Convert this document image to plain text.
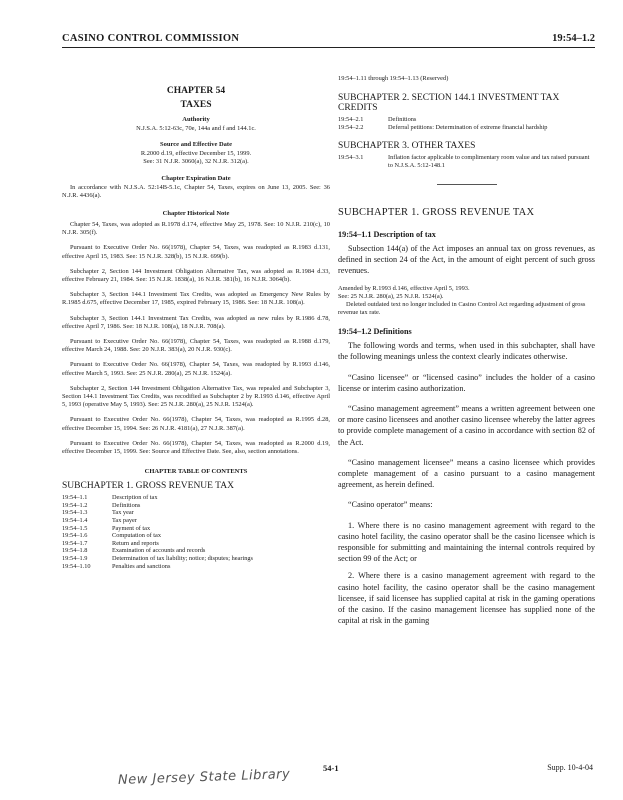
CASINO CONTROL COMMISSION	19:54–1.2
CHAPTER 54
TAXES
Authority
N.J.S.A. 5:12-63c, 70e, 144a and f and 144.1c.
Source and Effective Date
R.2000 d.19, effective December 15, 1999.
See: 31 N.J.R. 3060(a), 32 N.J.R. 312(a).
Chapter Expiration Date
In accordance with N.J.S.A. 52:14B-5.1c, Chapter 54, Taxes, expires on June 13, 2005. See: 36 N.J.R. 4436(a).
Chapter Historical Note

Chapter 54, Taxes, was adopted as R.1978 d.174, effective May 25, 1978. See: 10 N.J.R. 210(c), 10 N.J.R. 305(f).

Pursuant to Executive Order No. 66(1978), Chapter 54, Taxes, was readopted as R.1983 d.131, effective April 15, 1983. See: 15 N.J.R. 328(b), 15 N.J.R. 699(b).

Subchapter 2, Section 144 Investment Obligation Alternative Tax, was adopted as R.1984 d.33, effective February 21, 1984. See: 15 N.J.R. 1838(a), 16 N.J.R. 381(b), 16 N.J.R. 3064(b).

Subchapter 3, Section 144.1 Investment Tax Credits, was adopted as Emergency New Rules by R.1985 d.675, effective December 17, 1985, expired February 15, 1986. See: 18 N.J.R. 108(a).

Subchapter 3, Section 144.1 Investment Tax Credits, was adopted as new rules by R.1986 d.78, effective April 7, 1986. See: 18 N.J.R. 108(a), 18 N.J.R. 708(a).

Pursuant to Executive Order No. 66(1978), Chapter 54, Taxes, was readopted as R.1988 d.179, effective March 24, 1988. See: 20 N.J.R. 383(a), 20 N.J.R. 930(c).

Pursuant to Executive Order No. 66(1978), Chapter 54, Taxes, was readopted by R.1993 d.146, effective March 5, 1993. See: 25 N.J.R. 280(a), 25 N.J.R. 1524(a).

Subchapter 2, Section 144 Investment Obligation Alternative Tax, was repealed and Subchapter 3, Section 144.1 Investment Tax Credits, was recodified as Subchapter 2 by R.1993 d.146, effective April 5, 1993 (operative May 5, 1993). See: 25 N.J.R. 280(a), 25 N.J.R. 1524(a).

Pursuant to Executive Order No. 66(1978), Chapter 54, Taxes, was readopted as R.1995 d.28, effective December 15, 1994. See: 26 N.J.R. 4181(a), 27 N.J.R. 387(a).

Pursuant to Executive Order No. 66(1978), Chapter 54, Taxes, was readopted as R.2000 d.19, effective December 15, 1999. See: Source and Effective Date. See, also, section annotations.

CHAPTER TABLE OF CONTENTS
SUBCHAPTER 1. GROSS REVENUE TAX
19:54–1.1	Description of tax
19:54–1.2	Definitions
19:54–1.3	Tax year
19:54–1.4	Tax payer
19:54–1.5	Payment of tax
19:54–1.6	Computation of tax
19:54–1.7	Return and reports
19:54–1.8	Examination of accounts and records
19:54–1.9	Determination of tax liability; notice; disputes; hearings
19:54–1.10	Penalties and sanctions
19:54–1.11 through 19:54–1.13 (Reserved)
SUBCHAPTER 2. SECTION 144.1 INVESTMENT TAX CREDITS
19:54–2.1	Definitions
19:54–2.2	Deferral petitions: Determination of extreme financial hardship
SUBCHAPTER 3. OTHER TAXES
19:54–3.1	Inflation factor applicable to complimentary room value and tax raised pursuant to N.J.S.A. 5:12-148.1
SUBCHAPTER 1. GROSS REVENUE TAX
19:54–1.1 Description of tax

Subsection 144(a) of the Act imposes an annual tax on gross revenues, as defined in section 24 of the Act, in the amount of eight percent of such gross revenues.

Amended by R.1993 d.146, effective April 5, 1993.
See: 25 N.J.R. 280(a), 25 N.J.R. 1524(a).
Deleted outdated text no longer included in Casino Control Act regarding adjustment of gross revenue tax rate.
19:54–1.2 Definitions

The following words and terms, when used in this subchapter, shall have the following meanings unless the context clearly indicates otherwise.

“Casino licensee” or “licensed casino” includes the holder of a casino license or interim casino authorization.

“Casino management agreement” means a written agreement between one or more casino licensees and another casino licensee whereby the latter agrees to provide complete management of a casino in accordance with section 82 of the Act.

“Casino management licensee” means a casino licensee which provides complete management of a casino pursuant to a casino management agreement, as herein defined.

“Casino operator” means:

1. Where there is no casino management agreement with regard to the casino hotel facility, the casino operator shall be the casino licensee which is responsible for submitting and maintaining the internal controls required by section 99 of the Act; or

2. Where there is a casino management agreement with regard to the casino hotel facility, the casino operator shall be the casino management licensee, if said licensee has supplied capital at risk in the gaming operations of the casino. If the casino management licensee has supplied none of the capital at risk in the gaming

New Jersey State Library	54-1	Supp. 10-4-04
